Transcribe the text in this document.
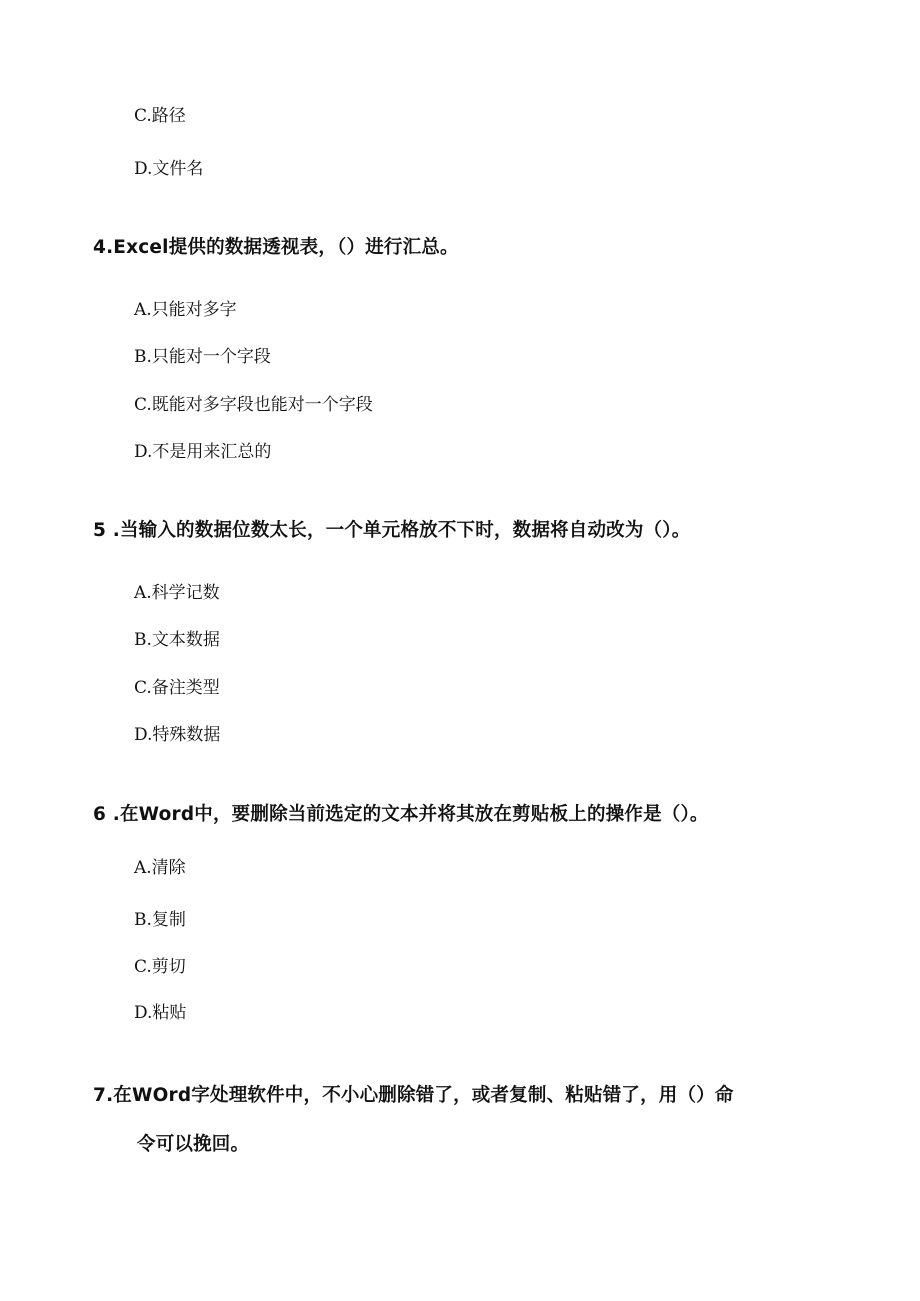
C.路径
D.文件名
4.Excel提供的数据透视表，（）进行汇总。
A.只能对多字
B.只能对一个字段
C.既能对多字段也能对一个字段
D.不是用来汇总的
5 .当输入的数据位数太长，一个单元格放不下时，数据将自动改为（）。
A.科学记数
B.文本数据
C.备注类型
D.特殊数据
6 .在Word中，要删除当前选定的文本并将其放在剪贴板上的操作是（）。
A.清除
B.复制
C.剪切
D.粘贴
7.在WOrd字处理软件中，不小心删除错了，或者复制、粘贴错了，用（）命
令可以挽回。
